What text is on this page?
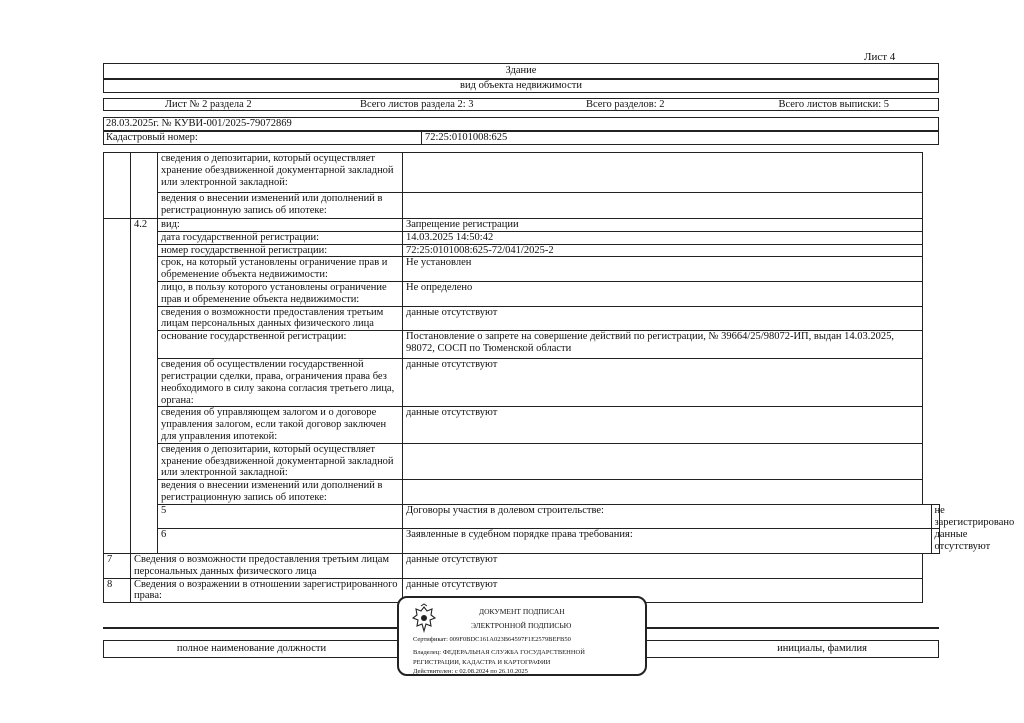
Лист 4
Здание
вид объекта недвижимости
Лист № 2 раздела 2	Всего листов раздела 2: 3	Всего разделов: 2	Всего листов выписки: 5
28.03.2025г. № КУВИ-001/2025-79072869
Кадастровый номер:	72:25:0101008:625
		сведения о депозитарии, который осуществляет хранение обездвиженной документарной закладной или электронной закладной:		
		ведения о внесении изменений или дополнений в регистрационную запись об ипотеке:		
	4.2	вид:	Запрещение регистрации	
		дата государственной регистрации:	14.03.2025 14:50:42	
		номер государственной регистрации:	72:25:0101008:625-72/041/2025-2	
		срок, на который установлены ограничение прав и обременение объекта недвижимости:	Не установлен	
		лицо, в пользу которого установлены ограничение прав и обременение объекта недвижимости:	Не определено	
		сведения о возможности предоставления третьим лицам персональных данных физического лица	данные отсутствуют	
		основание государственной регистрации:	Постановление о запрете на совершение действий по регистрации, № 39664/25/98072-ИП, выдан 14.03.2025, 98072, СОСП по Тюменской области	
		сведения об осуществлении государственной регистрации сделки, права, ограничения права без необходимого в силу закона согласия третьего лица, органа:	данные отсутствуют	
		сведения об управляющем залогом и о договоре управления залогом, если такой договор заключен для управления ипотекой:	данные отсутствуют	
		сведения о депозитарии, который осуществляет хранение обездвиженной документарной закладной или электронной закладной:		
		ведения о внесении изменений или дополнений в регистрационную запись об ипотеке:		
		5	Договоры участия в долевом строительстве:	не зарегистрировано
		6	Заявленные в судебном порядке права требования:	данные отсутствуют
7	Сведения о возможности предоставления третьим лицам персональных данных физического лица		данные отсутствуют	
8	Сведения о возражении в отношении зарегистрированного права:		данные отсутствуют	
полное наименование должности	инициалы, фамилия
ДОКУМЕНТ ПОДПИСАН
ЭЛЕКТРОННОЙ ПОДПИСЬЮ
Сертификат: 009F0BDC161A023B64597F1E2579BEFB50
Владелец: ФЕДЕРАЛЬНАЯ СЛУЖБА ГОСУДАРСТВЕННОЙ
РЕГИСТРАЦИИ, КАДАСТРА И КАРТОГРАФИИ
Действителен: с 02.08.2024 по 26.10.2025
